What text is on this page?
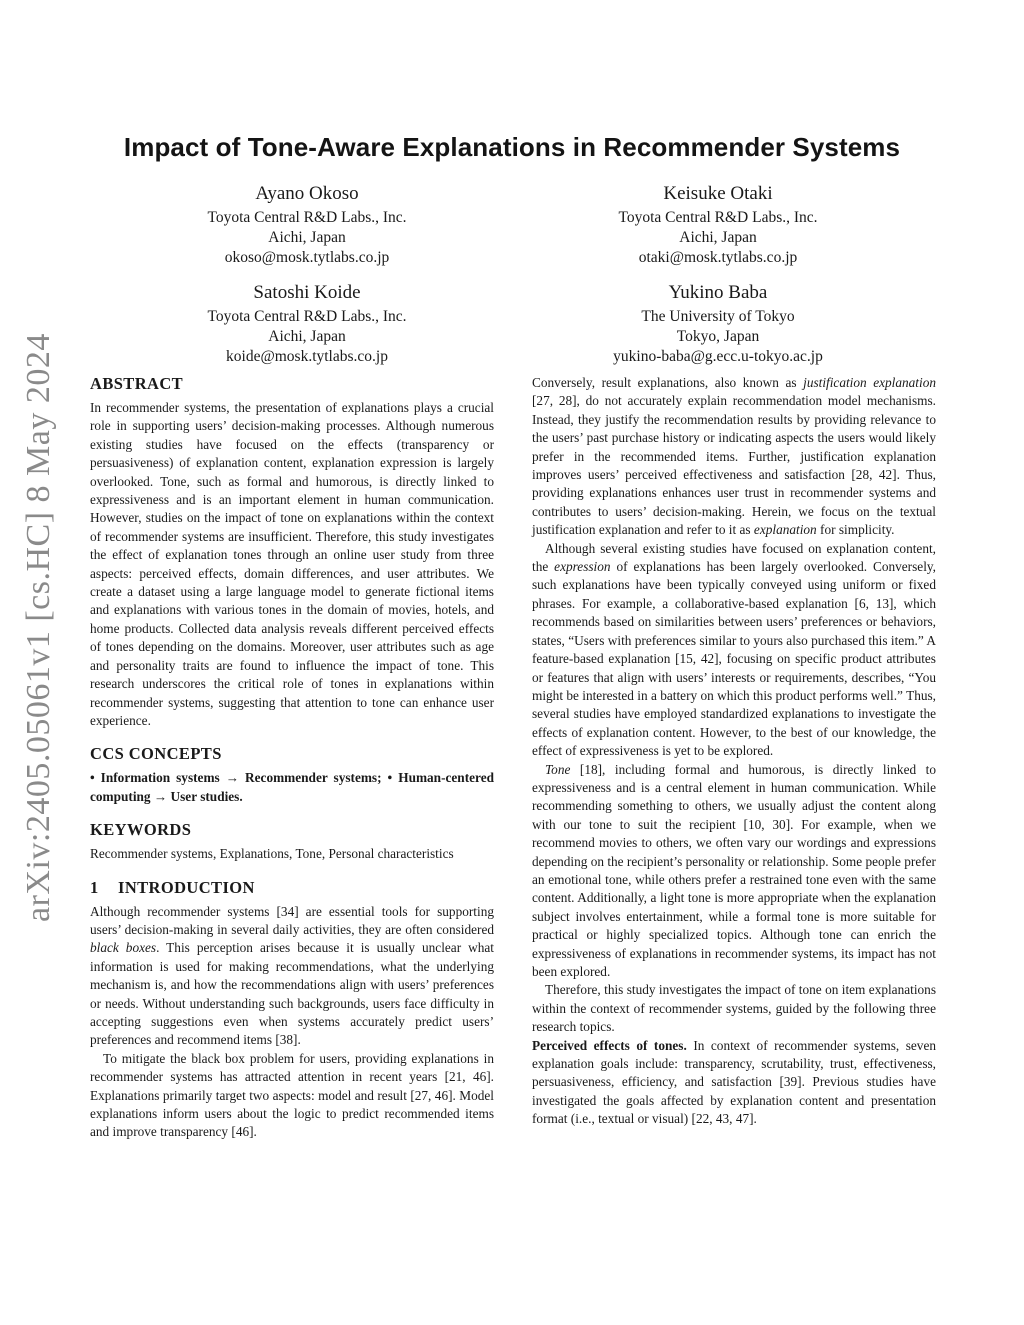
arXiv:2405.05061v1 [cs.HC] 8 May 2024
Impact of Tone-Aware Explanations in Recommender Systems
Ayano Okoso
Toyota Central R&D Labs., Inc.
Aichi, Japan
okoso@mosk.tytlabs.co.jp
Keisuke Otaki
Toyota Central R&D Labs., Inc.
Aichi, Japan
otaki@mosk.tytlabs.co.jp
Satoshi Koide
Toyota Central R&D Labs., Inc.
Aichi, Japan
koide@mosk.tytlabs.co.jp
Yukino Baba
The University of Tokyo
Tokyo, Japan
yukino-baba@g.ecc.u-tokyo.ac.jp
ABSTRACT

In recommender systems, the presentation of explanations plays a crucial role in supporting users’ decision-making processes. Although numerous existing studies have focused on the effects (transparency or persuasiveness) of explanation content, explanation expression is largely overlooked. Tone, such as formal and humorous, is directly linked to expressiveness and is an important element in human communication. However, studies on the impact of tone on explanations within the context of recommender systems are insufficient. Therefore, this study investigates the effect of explanation tones through an online user study from three aspects: perceived effects, domain differences, and user attributes. We create a dataset using a large language model to generate fictional items and explanations with various tones in the domain of movies, hotels, and home products. Collected data analysis reveals different perceived effects of tones depending on the domains. Moreover, user attributes such as age and personality traits are found to influence the impact of tone. This research underscores the critical role of tones in explanations within recommender systems, suggesting that attention to tone can enhance user experience.

CCS CONCEPTS

• Information systems → Recommender systems; • Human-centered computing → User studies.

KEYWORDS

Recommender systems, Explanations, Tone, Personal characteristics

1 INTRODUCTION

Although recommender systems [34] are essential tools for supporting users’ decision-making in several daily activities, they are often considered black boxes. This perception arises because it is usually unclear what information is used for making recommendations, what the underlying mechanism is, and how the recommendations align with users’ preferences or needs. Without understanding such backgrounds, users face difficulty in accepting suggestions even when systems accurately predict users’ preferences and recommend items [38].

To mitigate the black box problem for users, providing explanations in recommender systems has attracted attention in recent years [21, 46]. Explanations primarily target two aspects: model and result [27, 46]. Model explanations inform users about the logic to predict recommended items and improve transparency [46].

Conversely, result explanations, also known as justification explanation [27, 28], do not accurately explain recommendation model mechanisms. Instead, they justify the recommendation results by providing relevance to the users’ past purchase history or indicating aspects the users would likely prefer in the recommended items. Further, justification explanation improves users’ perceived effectiveness and satisfaction [28, 42]. Thus, providing explanations enhances user trust in recommender systems and contributes to users’ decision-making. Herein, we focus on the textual justification explanation and refer to it as explanation for simplicity.

Although several existing studies have focused on explanation content, the expression of explanations has been largely overlooked. Conversely, such explanations have been typically conveyed using uniform or fixed phrases. For example, a collaborative-based explanation [6, 13], which recommends based on similarities between users’ preferences or behaviors, states, “Users with preferences similar to yours also purchased this item.” A feature-based explanation [15, 42], focusing on specific product attributes or features that align with users’ interests or requirements, describes, “You might be interested in a battery on which this product performs well.” Thus, several studies have employed standardized explanations to investigate the effects of explanation content. However, to the best of our knowledge, the effect of expressiveness is yet to be explored.

Tone [18], including formal and humorous, is directly linked to expressiveness and is a central element in human communication. While recommending something to others, we usually adjust the content along with our tone to suit the recipient [10, 30]. For example, when we recommend movies to others, we often vary our wordings and expressions depending on the recipient’s personality or relationship. Some people prefer an emotional tone, while others prefer a restrained tone even with the same content. Additionally, a light tone is more appropriate when the explanation subject involves entertainment, while a formal tone is more suitable for practical or highly specialized topics. Although tone can enrich the expressiveness of explanations in recommender systems, its impact has not been explored.

Therefore, this study investigates the impact of tone on item explanations within the context of recommender systems, guided by the following three research topics.

Perceived effects of tones. In context of recommender systems, seven explanation goals include: transparency, scrutability, trust, effectiveness, persuasiveness, efficiency, and satisfaction [39]. Previous studies have investigated the goals affected by explanation content and presentation format (i.e., textual or visual) [22, 43, 47].
